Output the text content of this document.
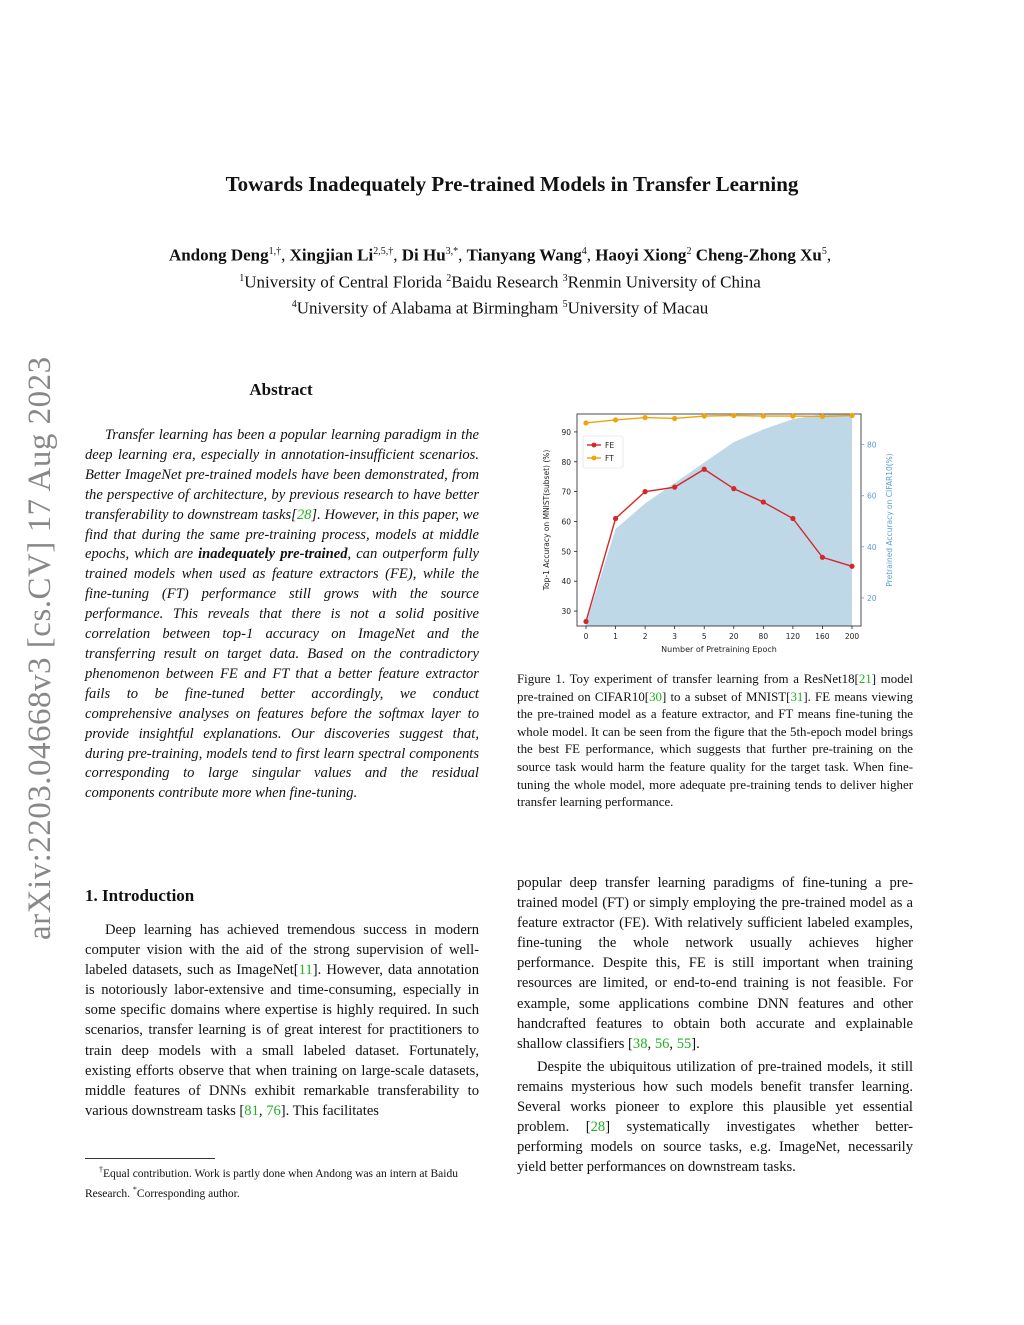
arXiv:2203.04668v3 [cs.CV] 17 Aug 2023
Towards Inadequately Pre-trained Models in Transfer Learning
Andong Deng$^{1,\dagger}$, Xingjian $Li^{2,5,\dagger}$, Di $Hu^{3,*}$, Tianyang Wang$^4$, Haoyi Xiong$^2$ Cheng-Zhong Xu$^5$,
$^1$University of Central Florida $^2$Baidu Research $^3$Renmin University of China
$^4$University of Alabama at Birmingham $^5$University of Macau
Abstract
Transfer learning has been a popular learning paradigm in the deep learning era, especially in annotation-insufficient scenarios. Better ImageNet pre-trained models have been demonstrated, from the perspective of architecture, by previous research to have better transferability to downstream tasks[28]. However, in this paper, we find that during the same pre-training process, models at middle epochs, which are inadequately pre-trained, can outperform fully trained models when used as feature extractors (FE), while the fine-tuning (FT) performance still grows with the source performance. This reveals that there is not a solid positive correlation between top-1 accuracy on ImageNet and the transferring result on target data. Based on the contradictory phenomenon between FE and FT that a better feature extractor fails to be fine-tuned better accordingly, we conduct comprehensive analyses on features before the softmax layer to provide insightful explanations. Our discoveries suggest that, during pre-training, models tend to first learn spectral components corresponding to large singular values and the residual components contribute more when fine-tuning.
1. Introduction
Deep learning has achieved tremendous success in modern computer vision with the aid of the strong supervision of well-labeled datasets, such as ImageNet[11]. However, data annotation is notoriously labor-extensive and time-consuming, especially in some specific domains where expertise is highly required. In such scenarios, transfer learning is of great interest for practitioners to train deep models with a small labeled dataset. Fortunately, existing efforts observe that when training on large-scale datasets, middle features of DNNs exhibit remarkable transferability to various downstream tasks [81, 76]. This facilitates
†Equal contribution. Work is partly done when Andong was an intern at Baidu Research. *Corresponding author.
30
40
50
60
70
80
90
20
40
60
80
0	1	2	3	5	20	80 120 160 200
Number of Pretraining Epoch
Top-1 Accuracy on MNIST(subset) (%)	Pretrained Accuracy on CIFAR10(%)
FE
FT
Figure 1. Toy experiment of transfer learning from a ResNet18[21] model pre-trained on CIFAR10[30] to a subset of MNIST[31]. FE means viewing the pre-trained model as a feature extractor, and FT means fine-tuning the whole model. It can be seen from the figure that the 5th-epoch model brings the best FE performance, which suggests that further pre-training on the source task would harm the feature quality for the target task. When fine-tuning the whole model, more adequate pre-training tends to deliver higher transfer learning performance.

popular deep transfer learning paradigms of fine-tuning a pre-trained model (FT) or simply employing the pre-trained model as a feature extractor (FE). With relatively sufficient labeled examples, fine-tuning the whole network usually achieves higher performance. Despite this, FE is still important when training resources are limited, or end-to-end training is not feasible. For example, some applications combine DNN features and other handcrafted features to obtain both accurate and explainable shallow classifiers [38, 56, 55].

Despite the ubiquitous utilization of pre-trained models, it still remains mysterious how such models benefit transfer learning. Several works pioneer to explore this plausible yet essential problem. [28] systematically investigates whether better-performing models on source tasks, e.g. ImageNet, necessarily yield better performances on downstream tasks.
